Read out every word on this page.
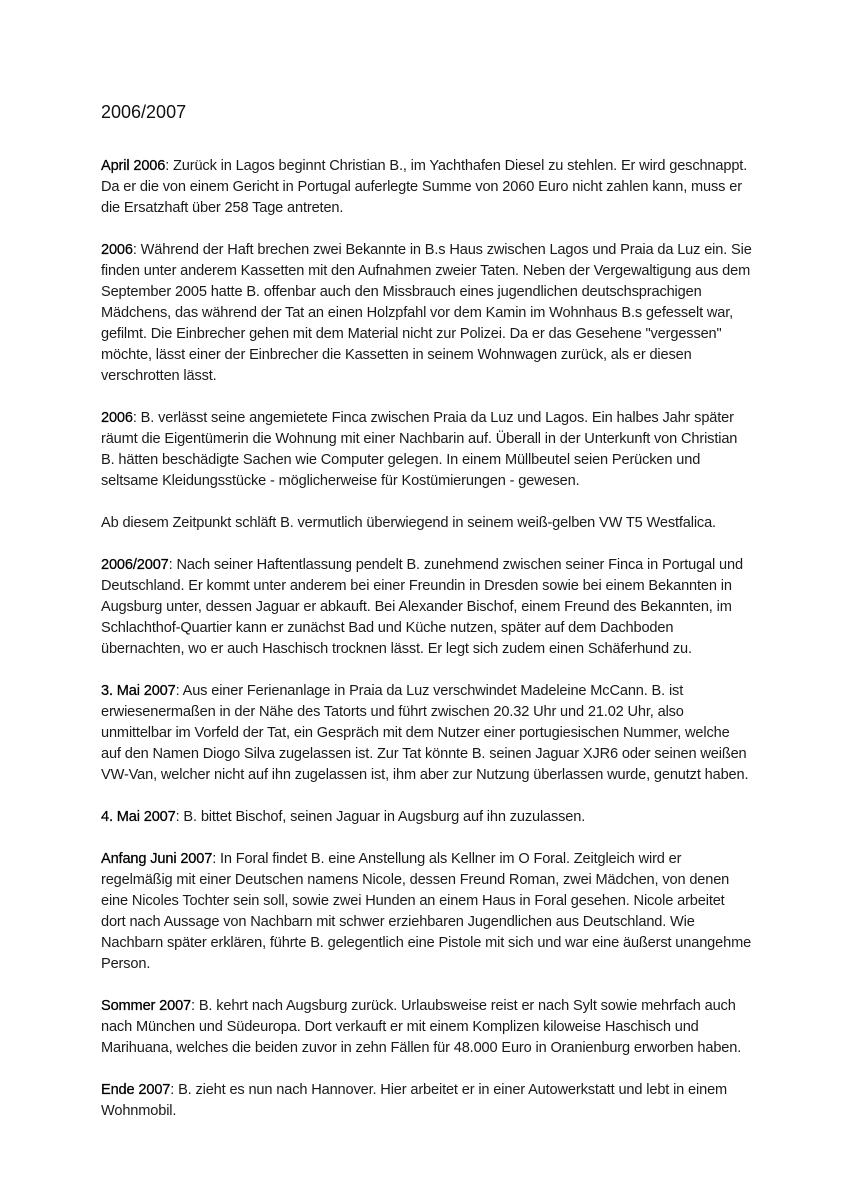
2006/2007

April 2006: Zurück in Lagos beginnt Christian B., im Yachthafen Diesel zu stehlen. Er wird geschnappt. Da er die von einem Gericht in Portugal auferlegte Summe von 2060 Euro nicht zahlen kann, muss er die Ersatzhaft über 258 Tage antreten.

2006: Während der Haft brechen zwei Bekannte in B.s Haus zwischen Lagos und Praia da Luz ein. Sie finden unter anderem Kassetten mit den Aufnahmen zweier Taten. Neben der Vergewaltigung aus dem September 2005 hatte B. offenbar auch den Missbrauch eines jugendlichen deutschsprachigen Mädchens, das während der Tat an einen Holzpfahl vor dem Kamin im Wohnhaus B.s gefesselt war, gefilmt. Die Einbrecher gehen mit dem Material nicht zur Polizei. Da er das Gesehene "vergessen" möchte, lässt einer der Einbrecher die Kassetten in seinem Wohnwagen zurück, als er diesen verschrotten lässt.

2006: B. verlässt seine angemietete Finca zwischen Praia da Luz und Lagos. Ein halbes Jahr später räumt die Eigentümerin die Wohnung mit einer Nachbarin auf. Überall in der Unterkunft von Christian B. hätten beschädigte Sachen wie Computer gelegen. In einem Müllbeutel seien Perücken und seltsame Kleidungsstücke - möglicherweise für Kostümierungen - gewesen.

Ab diesem Zeitpunkt schläft B. vermutlich überwiegend in seinem weiß-gelben VW T5 Westfalica.

2006/2007: Nach seiner Haftentlassung pendelt B. zunehmend zwischen seiner Finca in Portugal und Deutschland. Er kommt unter anderem bei einer Freundin in Dresden sowie bei einem Bekannten in Augsburg unter, dessen Jaguar er abkauft. Bei Alexander Bischof, einem Freund des Bekannten, im Schlachthof-Quartier kann er zunächst Bad und Küche nutzen, später auf dem Dachboden übernachten, wo er auch Haschisch trocknen lässt. Er legt sich zudem einen Schäferhund zu.

3. Mai 2007: Aus einer Ferienanlage in Praia da Luz verschwindet Madeleine McCann. B. ist erwiesenermaßen in der Nähe des Tatorts und führt zwischen 20.32 Uhr und 21.02 Uhr, also unmittelbar im Vorfeld der Tat, ein Gespräch mit dem Nutzer einer portugiesischen Nummer, welche auf den Namen Diogo Silva zugelassen ist. Zur Tat könnte B. seinen Jaguar XJR6 oder seinen weißen VW-Van, welcher nicht auf ihn zugelassen ist, ihm aber zur Nutzung überlassen wurde, genutzt haben.

4. Mai 2007: B. bittet Bischof, seinen Jaguar in Augsburg auf ihn zuzulassen.

Anfang Juni 2007: In Foral findet B. eine Anstellung als Kellner im O Foral. Zeitgleich wird er regelmäßig mit einer Deutschen namens Nicole, dessen Freund Roman, zwei Mädchen, von denen eine Nicoles Tochter sein soll, sowie zwei Hunden an einem Haus in Foral gesehen. Nicole arbeitet dort nach Aussage von Nachbarn mit schwer erziehbaren Jugendlichen aus Deutschland. Wie Nachbarn später erklären, führte B. gelegentlich eine Pistole mit sich und war eine äußerst unangehme Person.

Sommer 2007: B. kehrt nach Augsburg zurück. Urlaubsweise reist er nach Sylt sowie mehrfach auch nach München und Südeuropa. Dort verkauft er mit einem Komplizen kiloweise Haschisch und Marihuana, welches die beiden zuvor in zehn Fällen für 48.000 Euro in Oranienburg erworben haben.

Ende 2007: B. zieht es nun nach Hannover. Hier arbeitet er in einer Autowerkstatt und lebt in einem Wohnmobil.
